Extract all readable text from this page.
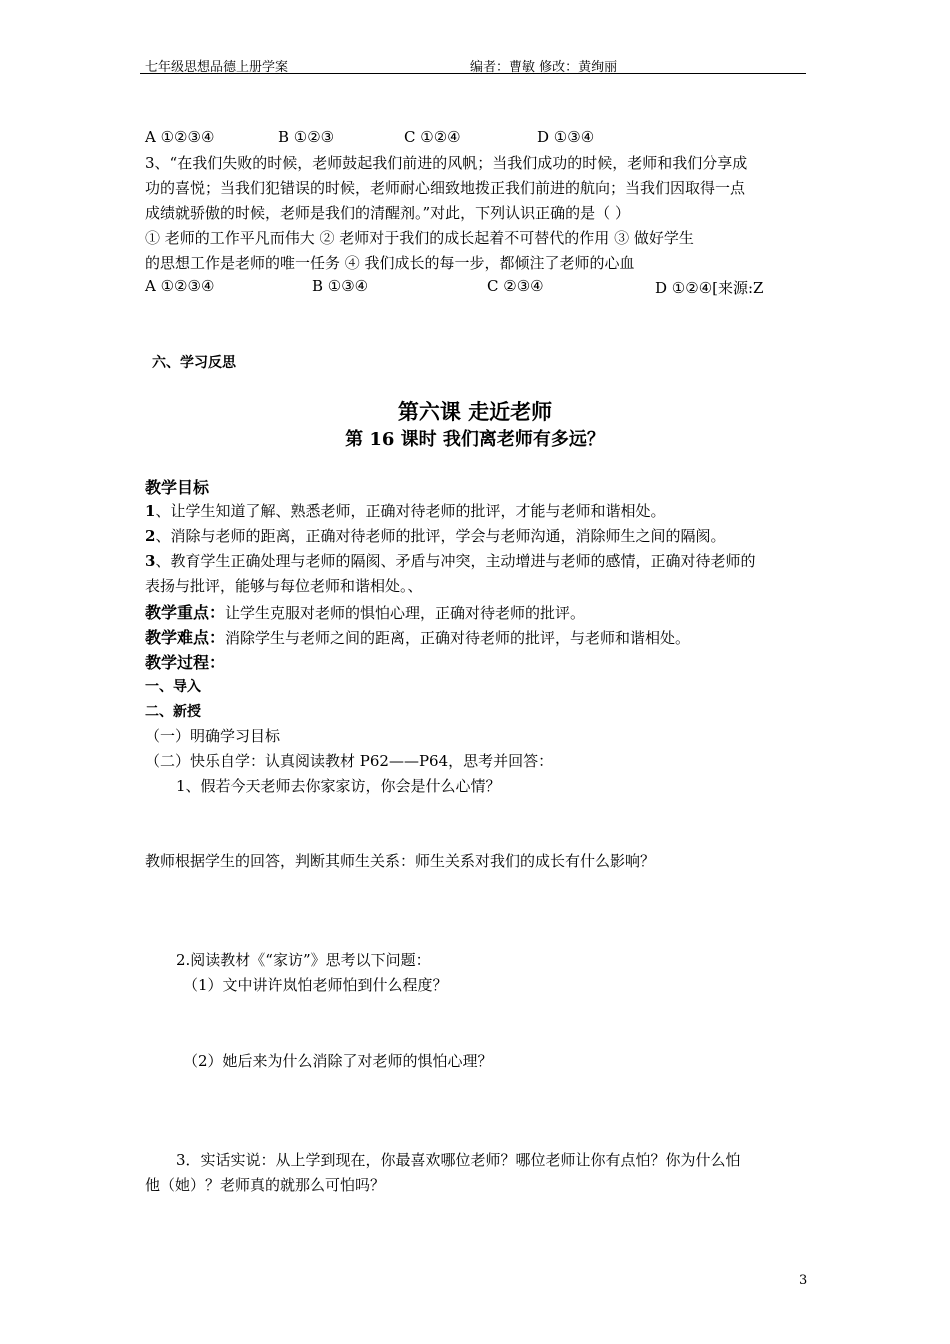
七年级思想品德上册学案	编者：曹敏 修改：黄绚丽
A ①②③④	B ①②③	C ①②④	D ①③④
3、“在我们失败的时候，老师鼓起我们前进的风帆；当我们成功的时候，老师和我们分享成
功的喜悦；当我们犯错误的时候，老师耐心细致地拨正我们前进的航向；当我们因取得一点
成绩就骄傲的时候，老师是我们的清醒剂。”对此，下列认识正确的是（ ）
① 老师的工作平凡而伟大 ② 老师对于我们的成长起着不可替代的作用 ③ 做好学生
的思想工作是老师的唯一任务 ④ 我们成长的每一步，都倾注了老师的心血
A ①②③④	B ①③④	C ②③④	D ①②④[来源:Z
六、学习反思
第六课 走近老师
第 16 课时 我们离老师有多远？
教学目标
1、让学生知道了解、熟悉老师，正确对待老师的批评，才能与老师和谐相处。
2、消除与老师的距离，正确对待老师的批评，学会与老师沟通，消除师生之间的隔阂。
3、教育学生正确处理与老师的隔阂、矛盾与冲突，主动增进与老师的感情，正确对待老师的
表扬与批评，能够与每位老师和谐相处。、
教学重点：让学生克服对老师的惧怕心理，正确对待老师的批评。
教学难点：消除学生与老师之间的距离，正确对待老师的批评，与老师和谐相处。
教学过程：
一、导入
二、新授
（一）明确学习目标
（二）快乐自学：认真阅读教材 P62——P64，思考并回答：
1、假若今天老师去你家家访，你会是什么心情？
教师根据学生的回答，判断其师生关系：师生关系对我们的成长有什么影响？
2.阅读教材《“家访”》思考以下问题：
（1）文中讲许岚怕老师怕到什么程度？
（2）她后来为什么消除了对老师的惧怕心理？
3．实话实说：从上学到现在，你最喜欢哪位老师？哪位老师让你有点怕？你为什么怕
他（她）？老师真的就那么可怕吗？
3
